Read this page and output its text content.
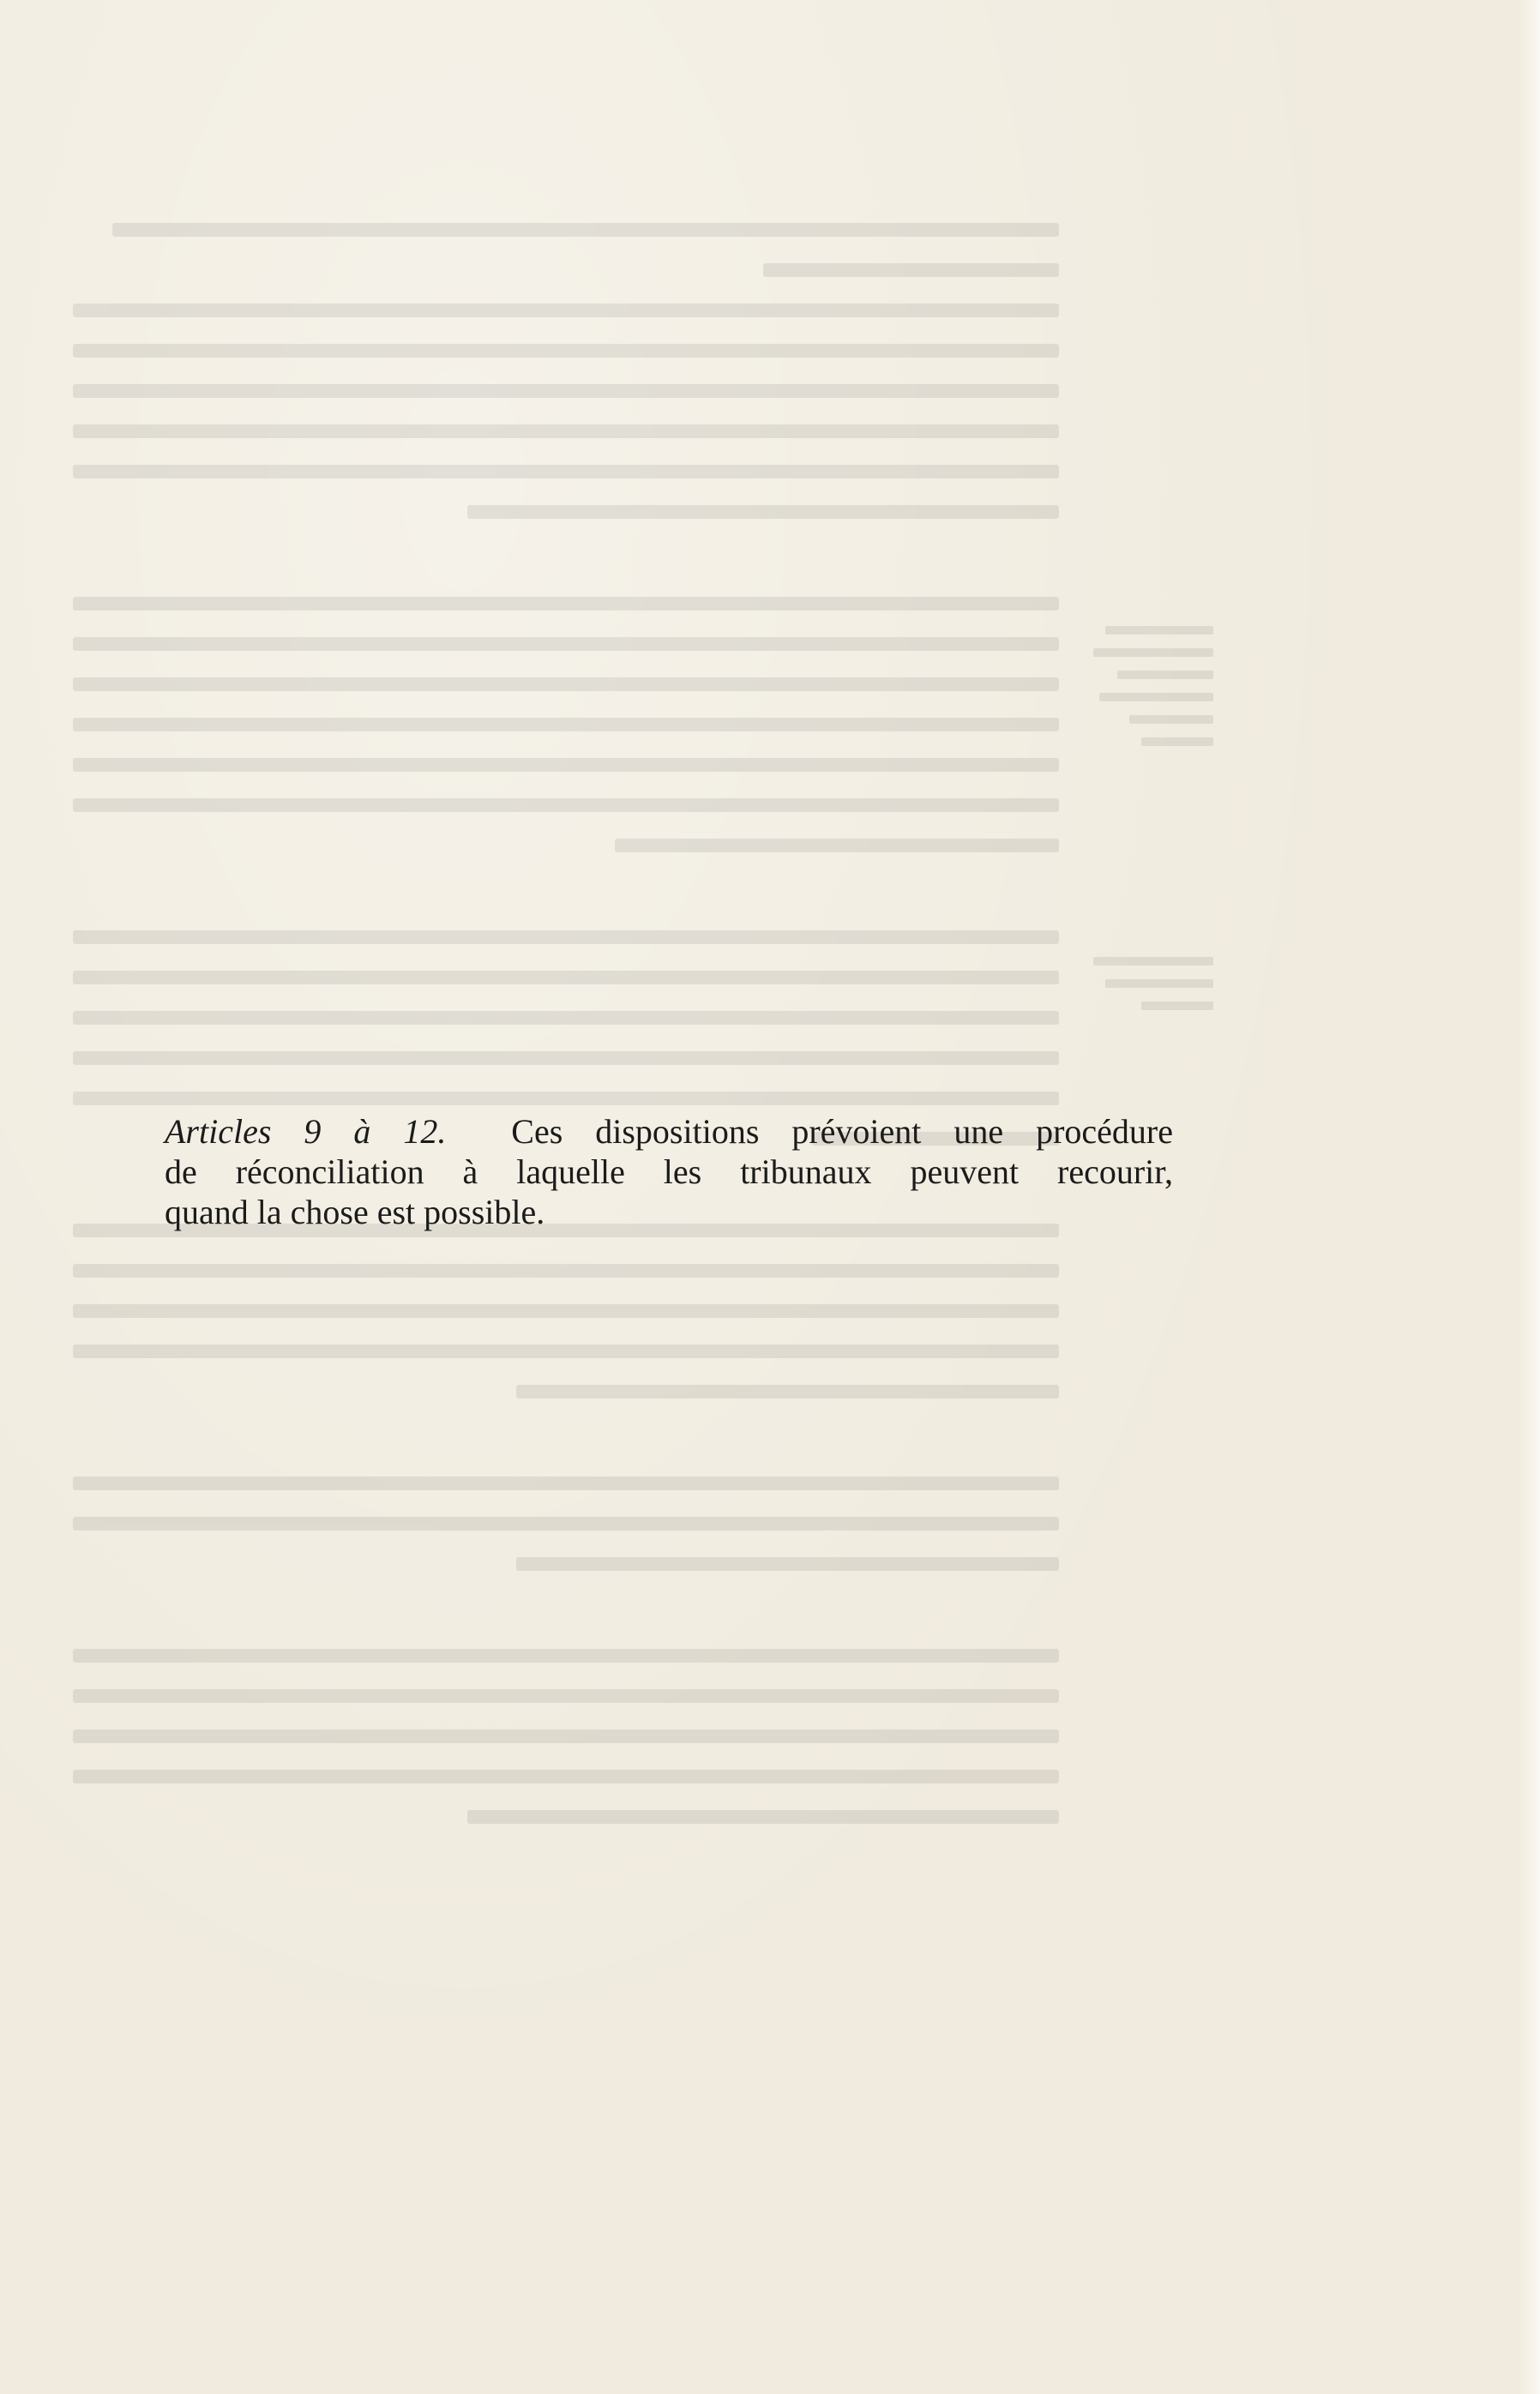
Articles 9 à 12. Ces dispositions prévoient une procédure
de réconciliation à laquelle les tribunaux peuvent recourir,
quand la chose est possible.
